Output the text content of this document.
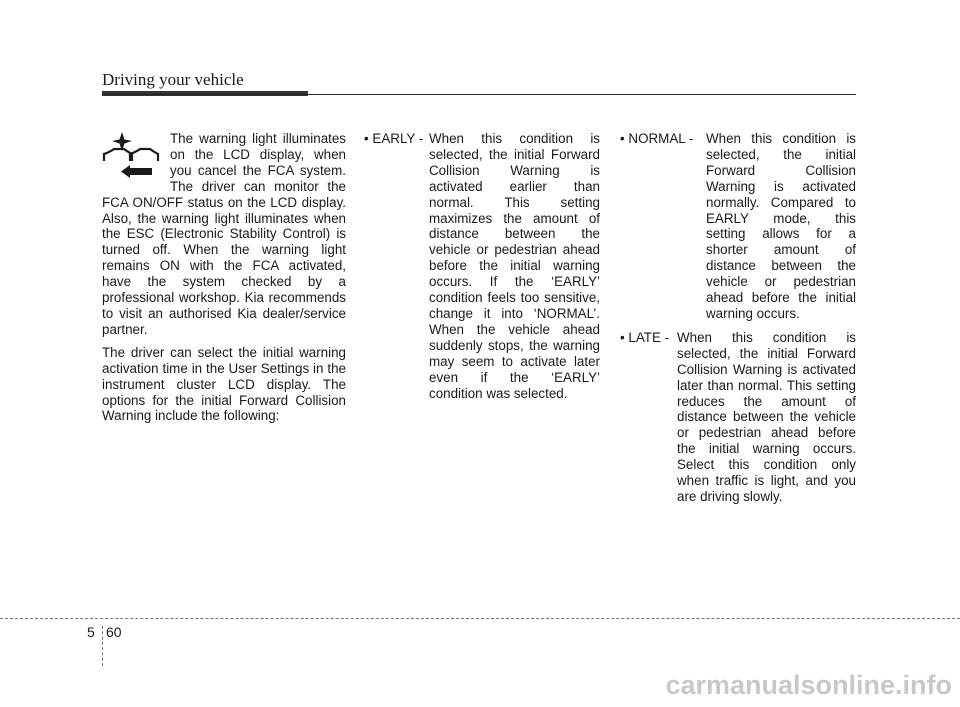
Driving your vehicle

The warning light illuminates on the LCD display, when you cancel the FCA system. The driver can monitor the FCA ON/OFF status on the LCD display. Also, the warning light illuminates when the ESC (Electronic Stability Control) is turned off. When the warning light remains ON with the FCA activated, have the system checked by a professional workshop. Kia recommends to visit an authorised Kia dealer/service partner.

The driver can select the initial warning activation time in the User Settings in the instrument cluster LCD display. The options for the initial Forward Collision Warning include the following:

• EARLY - When this condition is selected, the initial Forward Collision Warning is activated earlier than normal. This setting maximizes the amount of distance between the vehicle or pedestrian ahead before the initial warning occurs. If the ‘EARLY’ condition feels too sensitive, change it into ‘NORMAL’. When the vehicle ahead suddenly stops, the warning may seem to activate later even if the ‘EARLY’ condition was selected.
• NORMAL - When this condition is selected, the initial Forward Collision Warning is activated normally. Compared to EARLY mode, this setting allows for a shorter amount of distance between the vehicle or pedestrian ahead before the initial warning occurs.
• LATE - When this condition is selected, the initial Forward Collision Warning is activated later than normal. This setting reduces the amount of distance between the vehicle or pedestrian ahead before the initial warning occurs. Select this condition only when traffic is light, and you are driving slowly.
5 60
carmanualsonline.info
